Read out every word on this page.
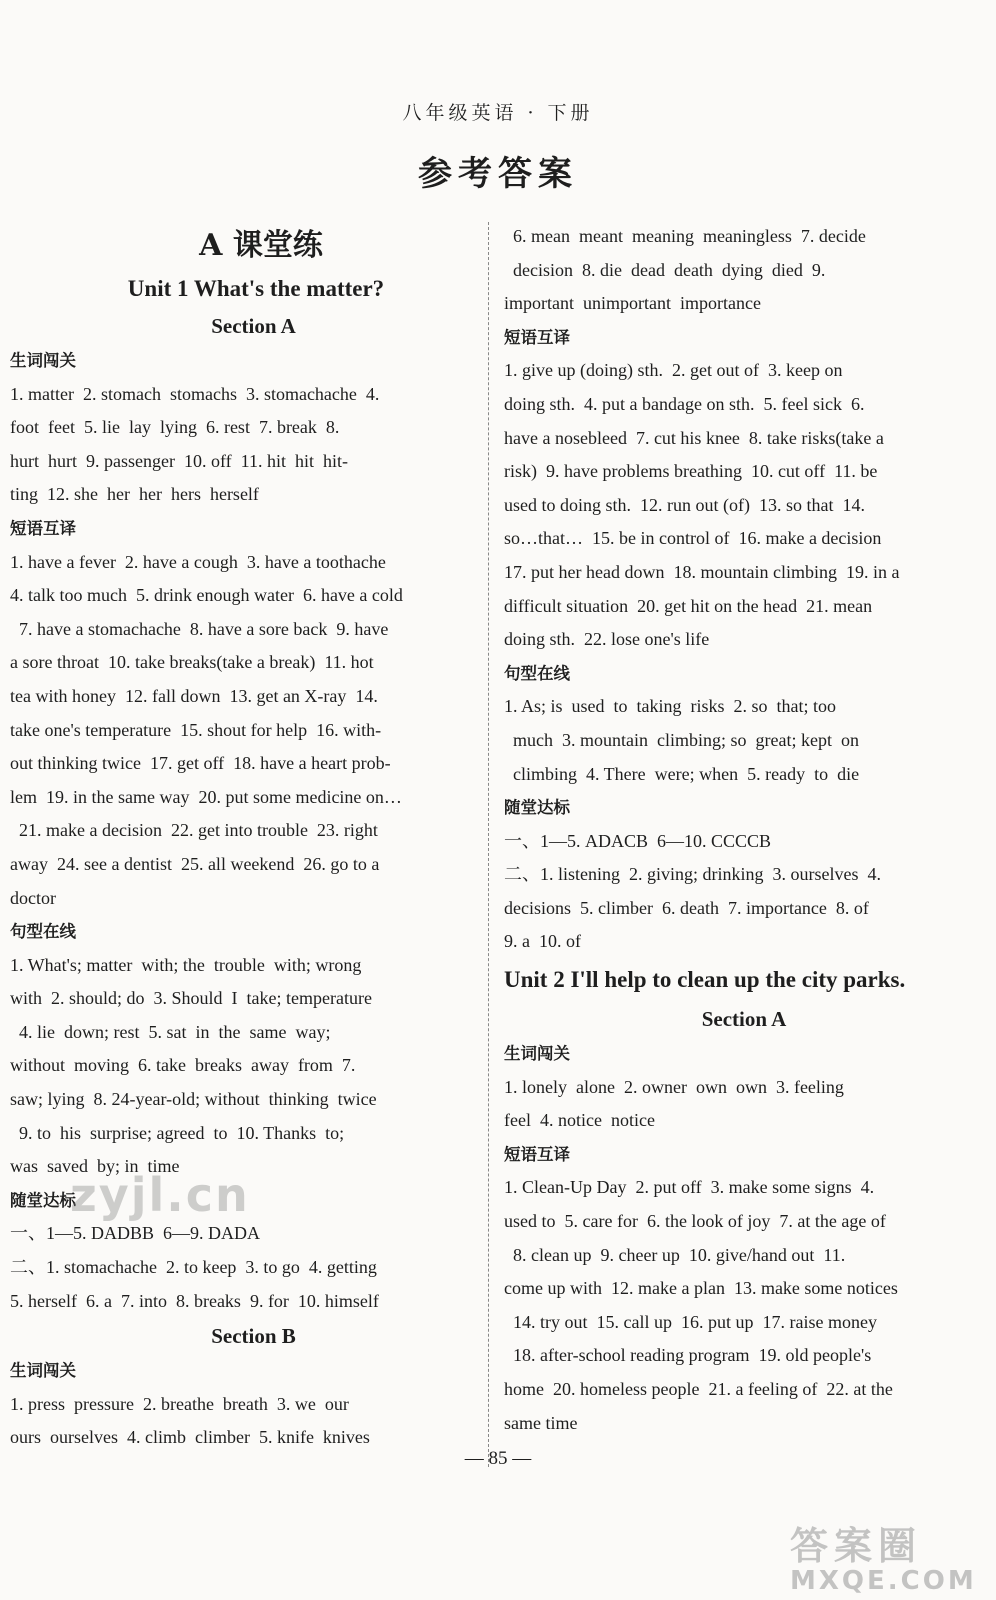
八年级英语 · 下册
参考答案
A 课堂练
Unit 1 What's the matter?
Section A
生词闯关
1. matter  2. stomach  stomachs  3. stomachache  4.
foot  feet  5. lie  lay  lying  6. rest  7. break  8.
hurt  hurt  9. passenger  10. off  11. hit  hit  hit-
ting  12. she  her  her  hers  herself
短语互译
1. have a fever  2. have a cough  3. have a toothache
4. talk too much  5. drink enough water  6. have a cold
7. have a stomachache  8. have a sore back  9. have
a sore throat  10. take breaks(take a break)  11. hot
tea with honey  12. fall down  13. get an X-ray  14.
take one's temperature  15. shout for help  16. with-
out thinking twice  17. get off  18. have a heart prob-
lem  19. in the same way  20. put some medicine on…
21. make a decision  22. get into trouble  23. right
away  24. see a dentist  25. all weekend  26. go to a
doctor
句型在线
1. What's; matter  with; the  trouble  with; wrong
with  2. should; do  3. Should  I  take; temperature
4. lie  down; rest  5. sat  in  the  same  way;
without  moving  6. take  breaks  away  from  7.
saw; lying  8. 24-year-old; without  thinking  twice
9. to  his  surprise; agreed  to  10. Thanks  to;
was  saved  by; in  time
随堂达标
一、1—5. DADBB  6—9. DADA
二、1. stomachache  2. to keep  3. to go  4. getting
5. herself  6. a  7. into  8. breaks  9. for  10. himself
Section B
生词闯关
1. press  pressure  2. breathe  breath  3. we  our
ours  ourselves  4. climb  climber  5. knife  knives
6. mean  meant  meaning  meaningless  7. decide
decision  8. die  dead  death  dying  died  9.
important  unimportant  importance
短语互译
1. give up (doing) sth.  2. get out of  3. keep on
doing sth.  4. put a bandage on sth.  5. feel sick  6.
have a nosebleed  7. cut his knee  8. take risks(take a
risk)  9. have problems breathing  10. cut off  11. be
used to doing sth.  12. run out (of)  13. so that  14.
so…that…  15. be in control of  16. make a decision
17. put her head down  18. mountain climbing  19. in a
difficult situation  20. get hit on the head  21. mean
doing sth.  22. lose one's life
句型在线
1. As; is  used  to  taking  risks  2. so  that; too
much  3. mountain  climbing; so  great; kept  on
climbing  4. There  were; when  5. ready  to  die
随堂达标
一、1—5. ADACB  6—10. CCCCB
二、1. listening  2. giving; drinking  3. ourselves  4.
decisions  5. climber  6. death  7. importance  8. of
9. a  10. of
Unit 2 I'll help to clean up the city parks.
Section A
生词闯关
1. lonely  alone  2. owner  own  own  3. feeling
feel  4. notice  notice
短语互译
1. Clean-Up Day  2. put off  3. make some signs  4.
used to  5. care for  6. the look of joy  7. at the age of
8. clean up  9. cheer up  10. give/hand out  11.
come up with  12. make a plan  13. make some notices
14. try out  15. call up  16. put up  17. raise money
18. after-school reading program  19. old people's
home  20. homeless people  21. a feeling of  22. at the
same time
— 85 —
zyjl.cn
答案圈
MXQE.COM
